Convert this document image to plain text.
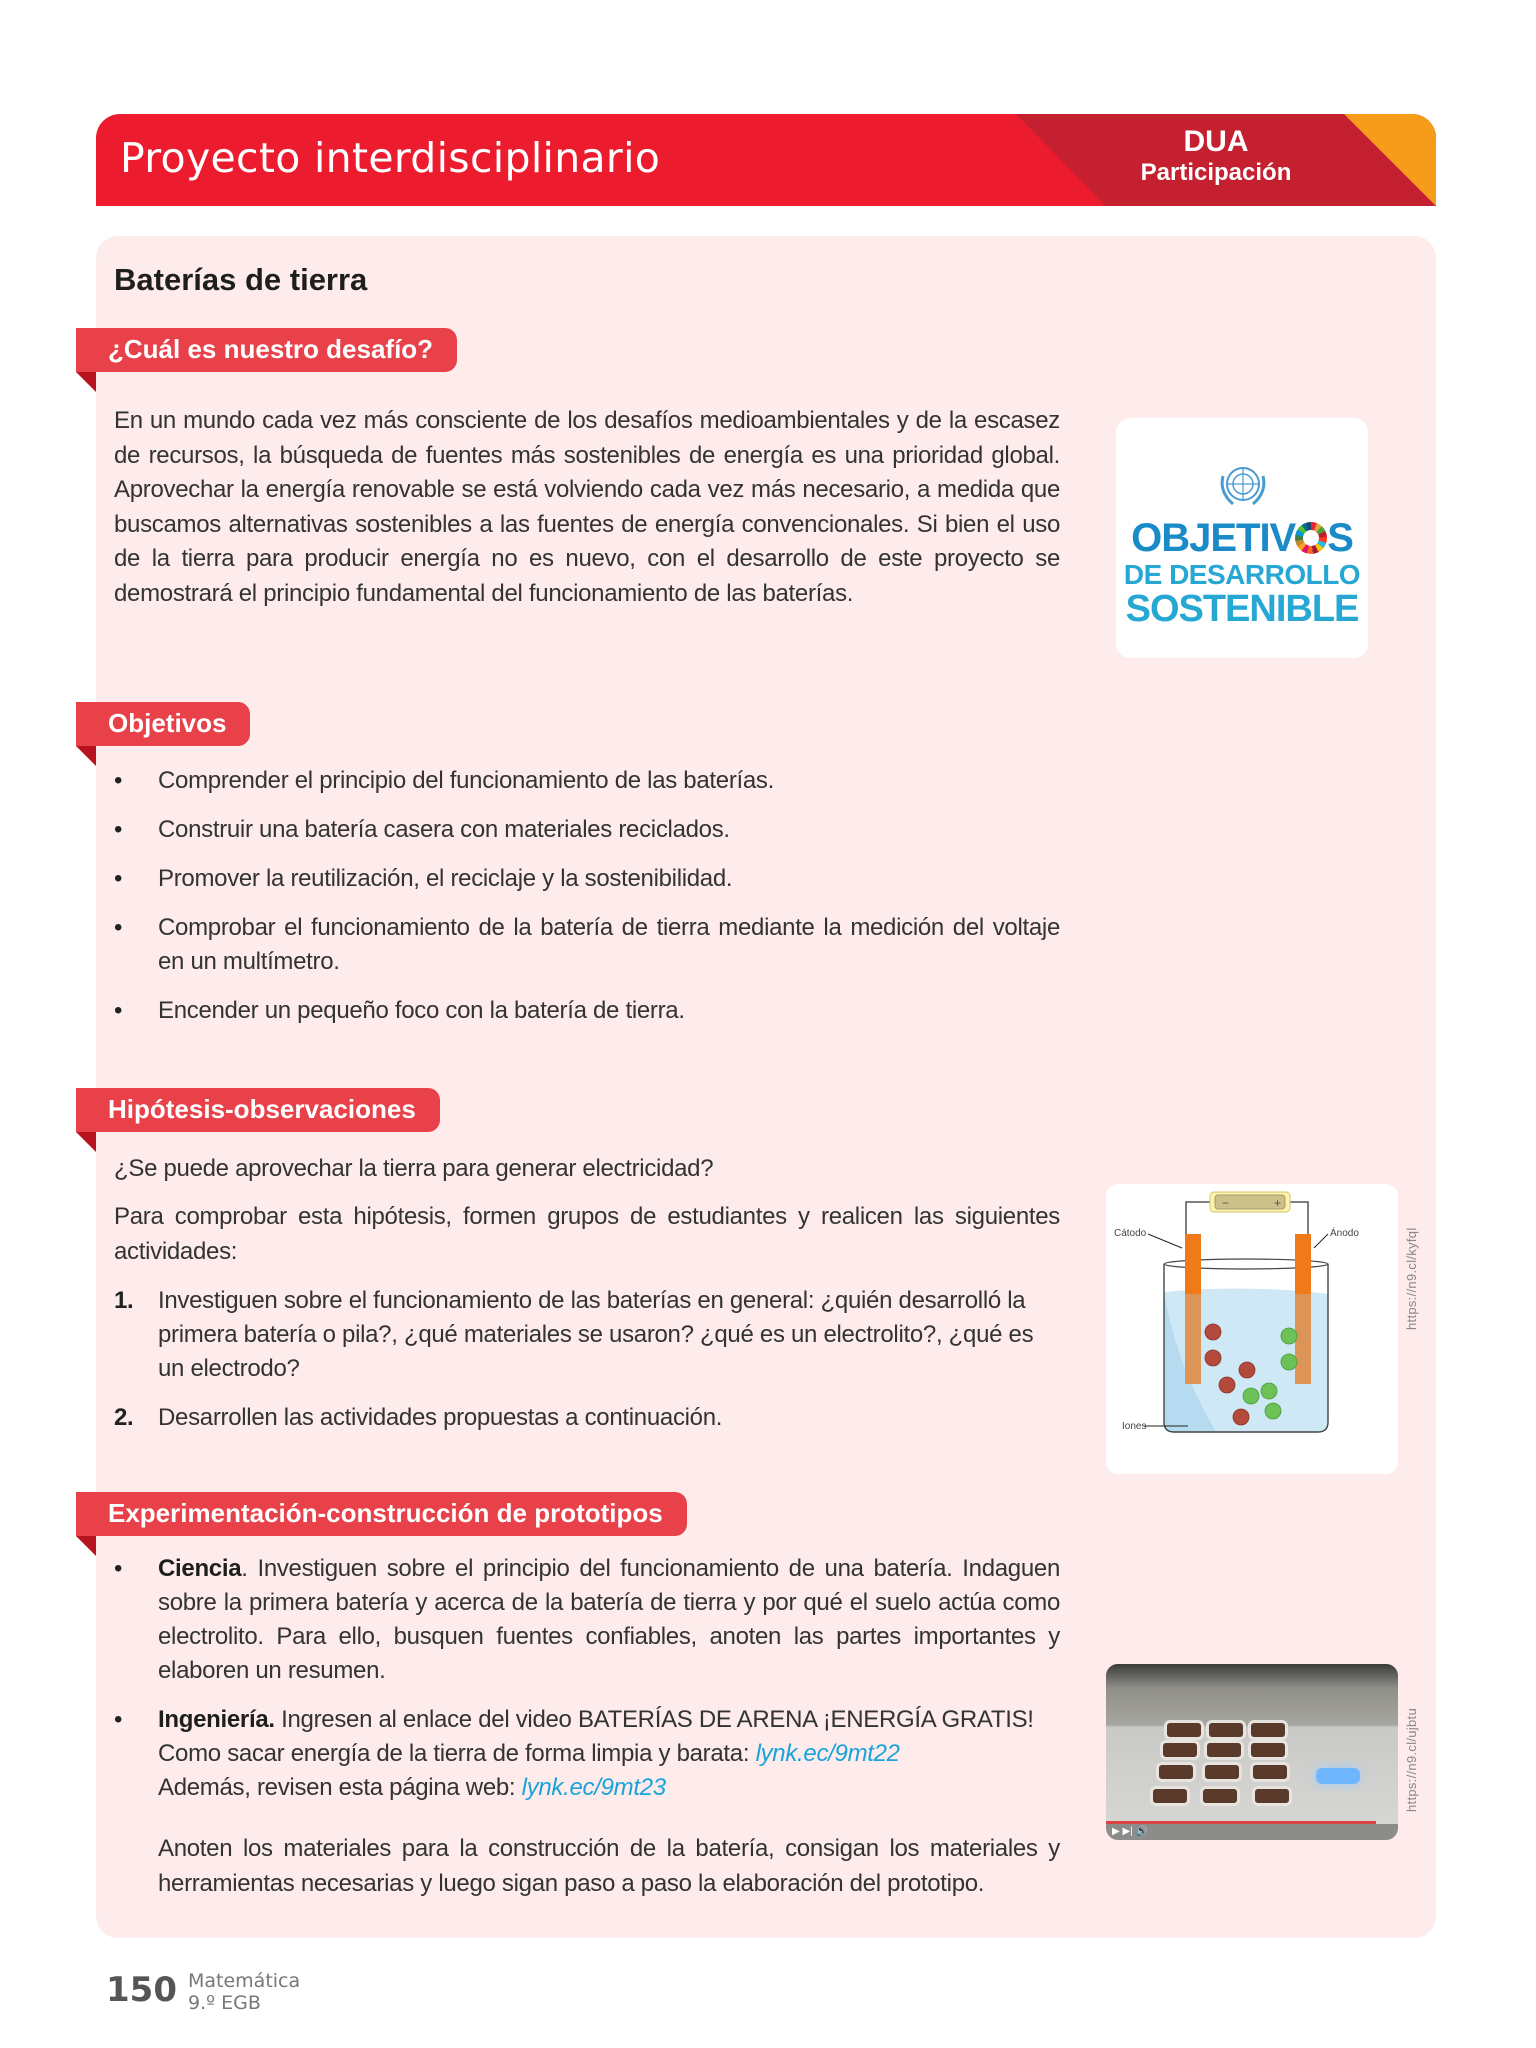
Proyecto interdisciplinario	DUA
Participación
Baterías de tierra
¿Cuál es nuestro desafío?

En un mundo cada vez más consciente de los desafíos medioambientales y de la escasez de recursos, la búsqueda de fuentes más sostenibles de energía es una prioridad global. Aprovechar la energía renovable se está volviendo cada vez más necesario, a medida que buscamos alternativas sostenibles a las fuentes de energía convencionales. Si bien el uso de la tierra para producir energía no es nuevo, con el desarrollo de este proyecto se demostrará el principio fundamental del funcionamiento de las baterías.

OBJETIV S
DE DESARROLLO
SOSTENIBLE
Objetivos
• Comprender el principio del funcionamiento de las baterías.
• Construir una batería casera con materiales reciclados.
• Promover la reutilización, el reciclaje y la sostenibilidad.
• Comprobar el funcionamiento de la batería de tierra mediante la medición del voltaje en un multímetro.
• Encender un pequeño foco con la batería de tierra.
Hipótesis-observaciones

¿Se puede aprovechar la tierra para generar electricidad?

Para comprobar esta hipótesis, formen grupos de estudiantes y realicen las siguientes actividades:

1. Investiguen sobre el funcionamiento de las baterías en general: ¿quién desarrolló la primera batería o pila?, ¿qué materiales se usaron? ¿qué es un electrolito?, ¿qué es un electrodo?
2. Desarrollen las actividades propuestas a continuación.
−	+
Cátodo	Ánodo
Iones
https://n9.cl/kyfql
Experimentación-construcción de prototipos
• Ciencia. Investiguen sobre el principio del funcionamiento de una batería. Indaguen sobre la primera batería y acerca de la batería de tierra y por qué el suelo actúa como electrolito. Para ello, busquen fuentes confiables, anoten las partes importantes y elaboren un resumen.
• Ingeniería. Ingresen al enlace del video BATERÍAS DE ARENA ¡ENERGÍA GRATIS! Como sacar energía de la tierra de forma limpia y barata: lynk.ec/9mt22
Además, revisen esta página web: lynk.ec/9mt23

Anoten los materiales para la construcción de la batería, consigan los materiales y herramientas necesarias y luego sigan paso a paso la elaboración del prototipo.

▶ ▶| 🔊
https://n9.cl/ujbtu
150 Matemática
9.º EGB
